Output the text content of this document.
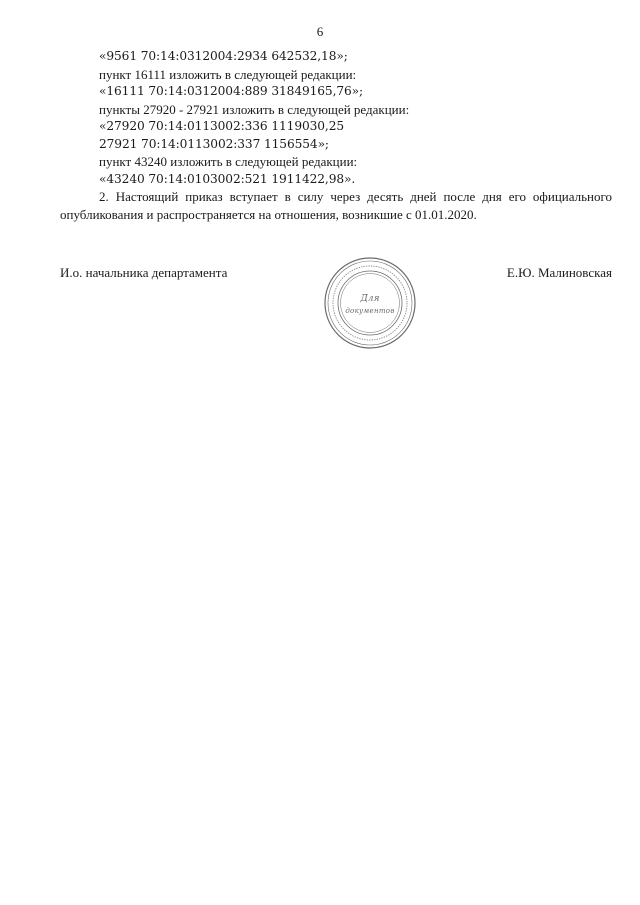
6
«9561 70:14:0312004:2934 642532,18»;
пункт 16111 изложить в следующей редакции:
«16111 70:14:0312004:889 31849165,76»;
пункты 27920 - 27921 изложить в следующей редакции:
«27920 70:14:0113002:336 1119030,25
27921 70:14:0113002:337 1156554»;
пункт 43240 изложить в следующей редакции:
«43240 70:14:0103002:521 1911422,98».

2. Настоящий приказ вступает в силу через десять дней после дня его официального опубликования и распространяется на отношения, возникшие с 01.01.2020.

И.о. начальника департамента	Е.Ю. Малиновская
Для
документов
